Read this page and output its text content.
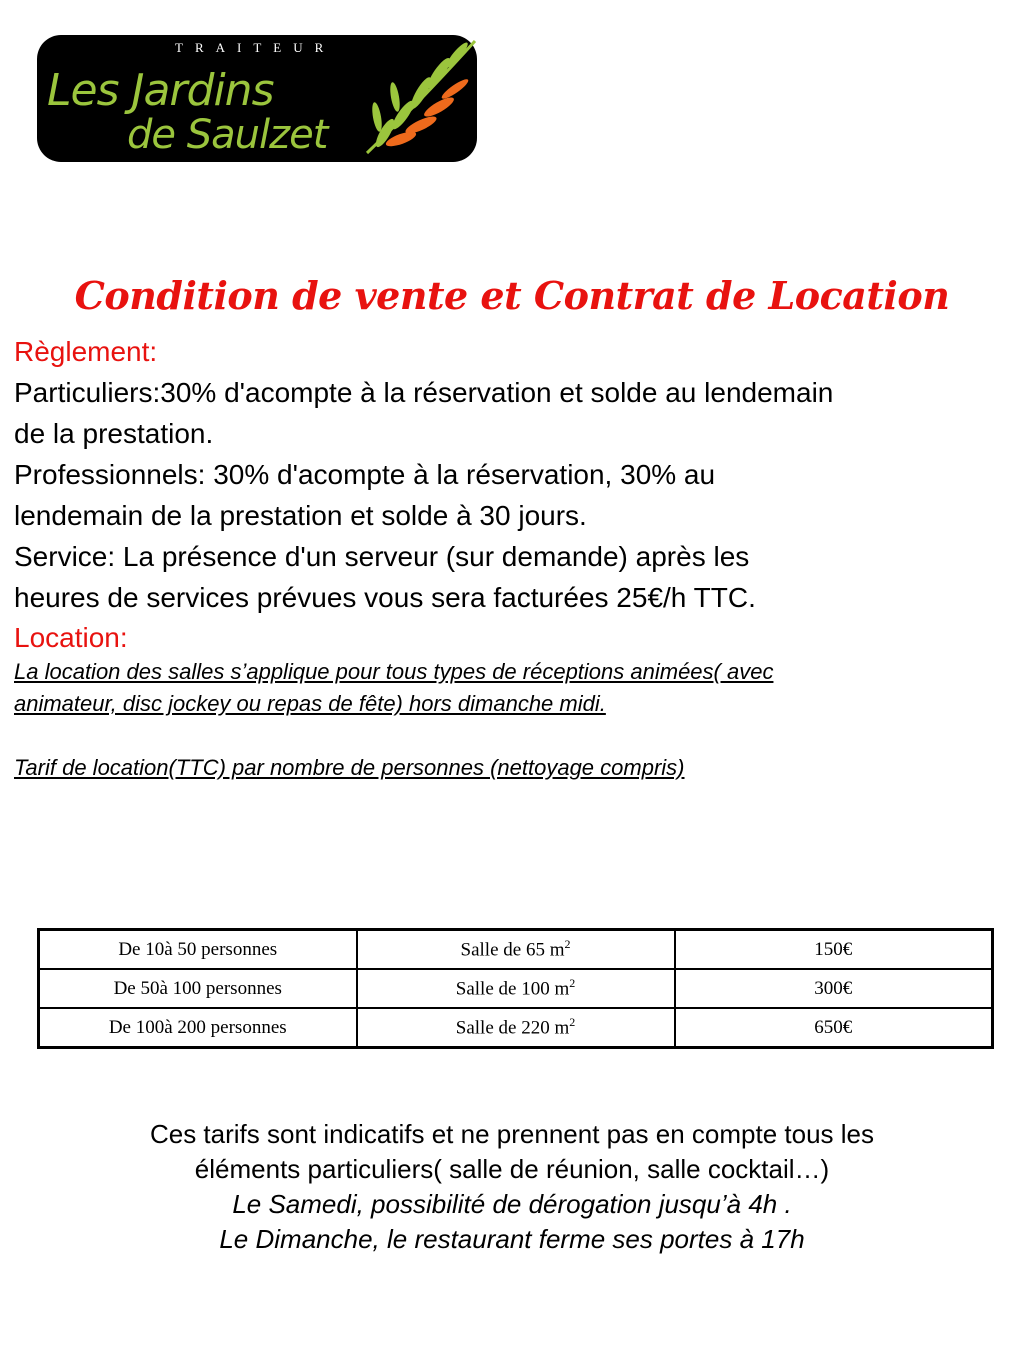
TRAITEUR
Les Jardins
de Saulzet
Condition de vente et Contrat de Location

Règlement:

Particuliers:30% d'acompte à la réservation et solde au lendemain
de la prestation.
Professionnels: 30% d'acompte à la réservation, 30% au
lendemain de la prestation et solde à 30 jours.
Service: La présence d'un serveur (sur demande) après les
heures de services prévues vous sera facturées 25€/h TTC.

Location:

La location des salles s’applique pour tous types de réceptions animées( avec
animateur, disc jockey ou repas de fête) hors dimanche midi.

Tarif de location(TTC) par nombre de personnes (nettoyage compris)

De 10à 50 personnes	Salle de 65 $m^2$	150€
De 50à 100 personnes	Salle de 100 $m^2$	300€
De 100à 200 personnes	Salle de 220 $m^2$	650€

Ces tarifs sont indicatifs et ne prennent pas en compte tous les

éléments particuliers( salle de réunion, salle cocktail…)

Le Samedi, possibilité de dérogation jusqu’à 4h .

Le Dimanche, le restaurant ferme ses portes à 17h
